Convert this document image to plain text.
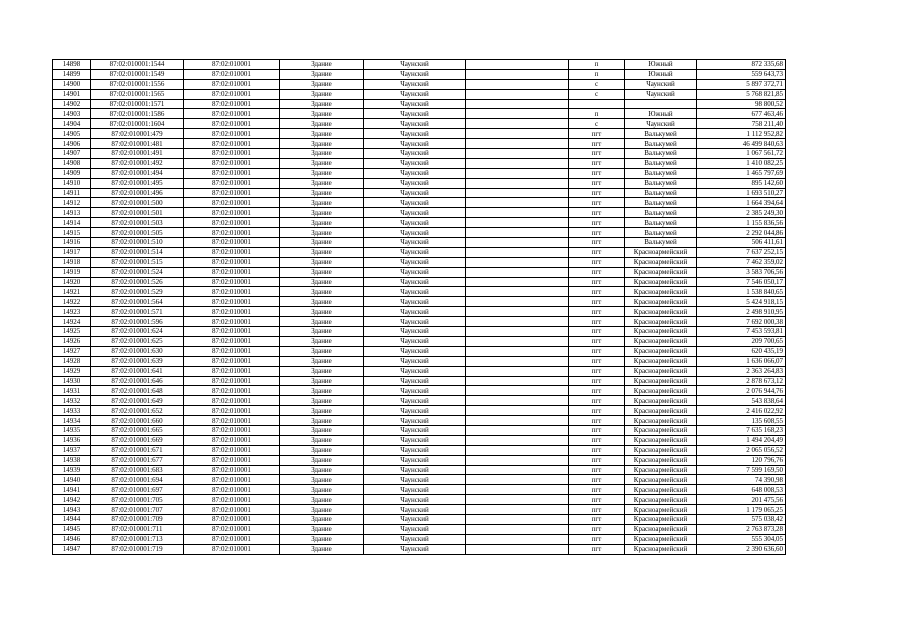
14898	87:02:010001:1544	87:02:010001	Здание	Чаунский		п	Южный	872 335,68
14899	87:02:010001:1549	87:02:010001	Здание	Чаунский		п	Южный	559 643,73
14900	87:02:010001:1556	87:02:010001	Здание	Чаунский		с	Чаунский	5 897 372,71
14901	87:02:010001:1565	87:02:010001	Здание	Чаунский		с	Чаунский	5 768 821,85
14902	87:02:010001:1571	87:02:010001	Здание	Чаунский				98 800,52
14903	87:02:010001:1586	87:02:010001	Здание	Чаунский		п	Южный	677 463,46
14904	87:02:010001:1604	87:02:010001	Здание	Чаунский		с	Чаунский	758 211,40
14905	87:02:010001:479	87:02:010001	Здание	Чаунский		пгт	Валькумей	1 112 952,82
14906	87:02:010001:481	87:02:010001	Здание	Чаунский		пгт	Валькумей	46 499 840,63
14907	87:02:010001:491	87:02:010001	Здание	Чаунский		пгт	Валькумей	1 067 561,72
14908	87:02:010001:492	87:02:010001	Здание	Чаунский		пгт	Валькумей	1 410 082,25
14909	87:02:010001:494	87:02:010001	Здание	Чаунский		пгт	Валькумей	1 465 797,69
14910	87:02:010001:495	87:02:010001	Здание	Чаунский		пгт	Валькумей	895 142,60
14911	87:02:010001:496	87:02:010001	Здание	Чаунский		пгт	Валькумей	1 693 510,27
14912	87:02:010001:500	87:02:010001	Здание	Чаунский		пгт	Валькумей	1 664 394,64
14913	87:02:010001:501	87:02:010001	Здание	Чаунский		пгт	Валькумей	2 385 249,30
14914	87:02:010001:503	87:02:010001	Здание	Чаунский		пгт	Валькумей	1 155 836,56
14915	87:02:010001:505	87:02:010001	Здание	Чаунский		пгт	Валькумей	2 292 044,86
14916	87:02:010001:510	87:02:010001	Здание	Чаунский		пгт	Валькумей	506 411,61
14917	87:02:010001:514	87:02:010001	Здание	Чаунский		пгт	Красноармейский	7 637 252,15
14918	87:02:010001:515	87:02:010001	Здание	Чаунский		пгт	Красноармейский	7 462 359,02
14919	87:02:010001:524	87:02:010001	Здание	Чаунский		пгт	Красноармейский	3 583 706,56
14920	87:02:010001:526	87:02:010001	Здание	Чаунский		пгт	Красноармейский	7 546 050,17
14921	87:02:010001:529	87:02:010001	Здание	Чаунский		пгт	Красноармейский	1 538 840,65
14922	87:02:010001:564	87:02:010001	Здание	Чаунский		пгт	Красноармейский	5 424 918,15
14923	87:02:010001:571	87:02:010001	Здание	Чаунский		пгт	Красноармейский	2 498 910,95
14924	87:02:010001:596	87:02:010001	Здание	Чаунский		пгт	Красноармейский	7 692 000,38
14925	87:02:010001:624	87:02:010001	Здание	Чаунский		пгт	Красноармейский	7 453 593,81
14926	87:02:010001:625	87:02:010001	Здание	Чаунский		пгт	Красноармейский	209 700,65
14927	87:02:010001:630	87:02:010001	Здание	Чаунский		пгт	Красноармейский	620 435,19
14928	87:02:010001:639	87:02:010001	Здание	Чаунский		пгт	Красноармейский	1 636 066,07
14929	87:02:010001:641	87:02:010001	Здание	Чаунский		пгт	Красноармейский	2 363 264,83
14930	87:02:010001:646	87:02:010001	Здание	Чаунский		пгт	Красноармейский	2 878 673,12
14931	87:02:010001:648	87:02:010001	Здание	Чаунский		пгт	Красноармейский	2 076 944,76
14932	87:02:010001:649	87:02:010001	Здание	Чаунский		пгт	Красноармейский	543 838,64
14933	87:02:010001:652	87:02:010001	Здание	Чаунский		пгт	Красноармейский	2 416 022,92
14934	87:02:010001:660	87:02:010001	Здание	Чаунский		пгт	Красноармейский	135 608,55
14935	87:02:010001:665	87:02:010001	Здание	Чаунский		пгт	Красноармейский	7 635 168,23
14936	87:02:010001:669	87:02:010001	Здание	Чаунский		пгт	Красноармейский	1 494 204,49
14937	87:02:010001:671	87:02:010001	Здание	Чаунский		пгт	Красноармейский	2 065 056,52
14938	87:02:010001:677	87:02:010001	Здание	Чаунский		пгт	Красноармейский	120 796,76
14939	87:02:010001:683	87:02:010001	Здание	Чаунский		пгт	Красноармейский	7 599 169,50
14940	87:02:010001:694	87:02:010001	Здание	Чаунский		пгт	Красноармейский	74 390,98
14941	87:02:010001:697	87:02:010001	Здание	Чаунский		пгт	Красноармейский	648 008,53
14942	87:02:010001:705	87:02:010001	Здание	Чаунский		пгт	Красноармейский	201 475,56
14943	87:02:010001:707	87:02:010001	Здание	Чаунский		пгт	Красноармейский	1 179 065,25
14944	87:02:010001:709	87:02:010001	Здание	Чаунский		пгт	Красноармейский	575 038,42
14945	87:02:010001:711	87:02:010001	Здание	Чаунский		пгт	Красноармейский	2 763 873,28
14946	87:02:010001:713	87:02:010001	Здание	Чаунский		пгт	Красноармейский	555 304,05
14947	87:02:010001:719	87:02:010001	Здание	Чаунский		пгт	Красноармейский	2 390 636,60
